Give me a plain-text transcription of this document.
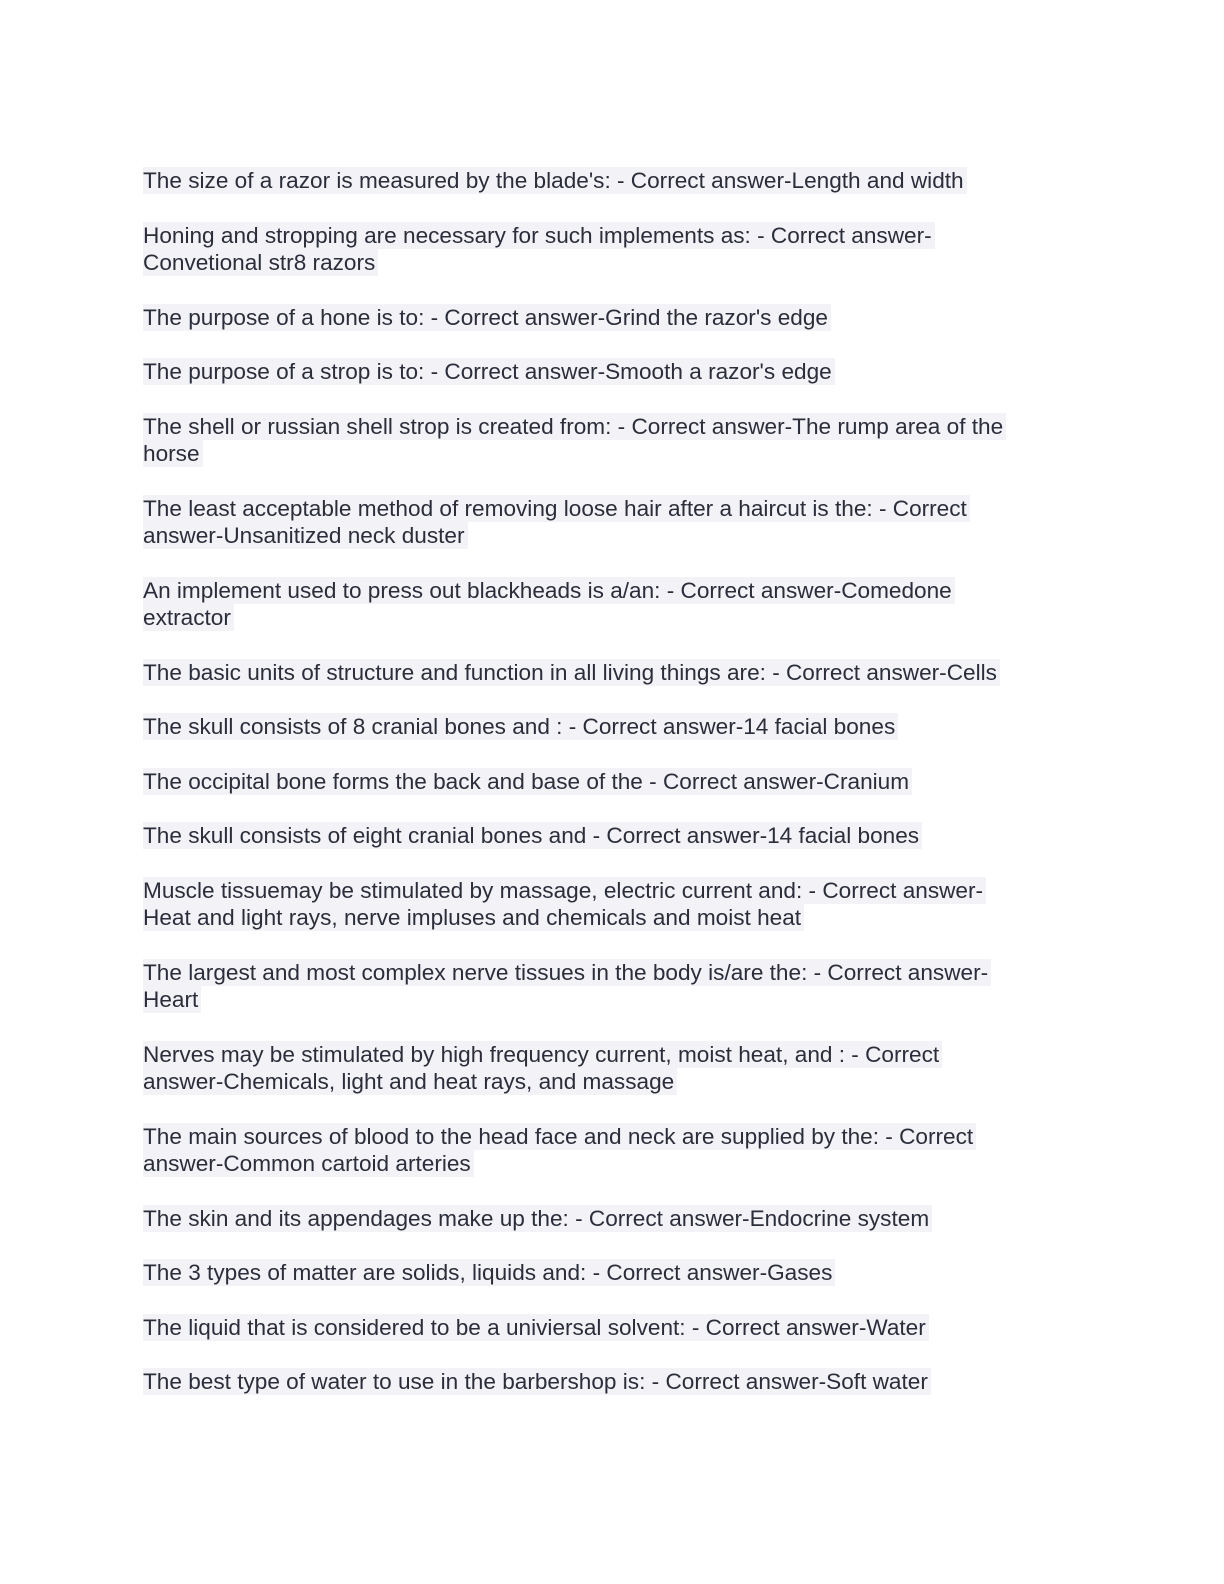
The size of a razor is measured by the blade's: - Correct answer-Length and width

Honing and stropping are necessary for such implements as: - Correct answer-
Convetional str8 razors

The purpose of a hone is to: - Correct answer-Grind the razor's edge

The purpose of a strop is to: - Correct answer-Smooth a razor's edge

The shell or russian shell strop is created from: - Correct answer-The rump area of the
horse

The least acceptable method of removing loose hair after a haircut is the: - Correct
answer-Unsanitized neck duster

An implement used to press out blackheads is a/an: - Correct answer-Comedone
extractor

The basic units of structure and function in all living things are: - Correct answer-Cells

The skull consists of 8 cranial bones and : - Correct answer-14 facial bones

The occipital bone forms the back and base of the - Correct answer-Cranium

The skull consists of eight cranial bones and - Correct answer-14 facial bones

Muscle tissuemay be stimulated by massage, electric current and: - Correct answer-
Heat and light rays, nerve impluses and chemicals and moist heat

The largest and most complex nerve tissues in the body is/are the: - Correct answer-
Heart

Nerves may be stimulated by high frequency current, moist heat, and : - Correct
answer-Chemicals, light and heat rays, and massage

The main sources of blood to the head face and neck are supplied by the: - Correct
answer-Common cartoid arteries

The skin and its appendages make up the: - Correct answer-Endocrine system

The 3 types of matter are solids, liquids and: - Correct answer-Gases

The liquid that is considered to be a univiersal solvent: - Correct answer-Water

The best type of water to use in the barbershop is: - Correct answer-Soft water
